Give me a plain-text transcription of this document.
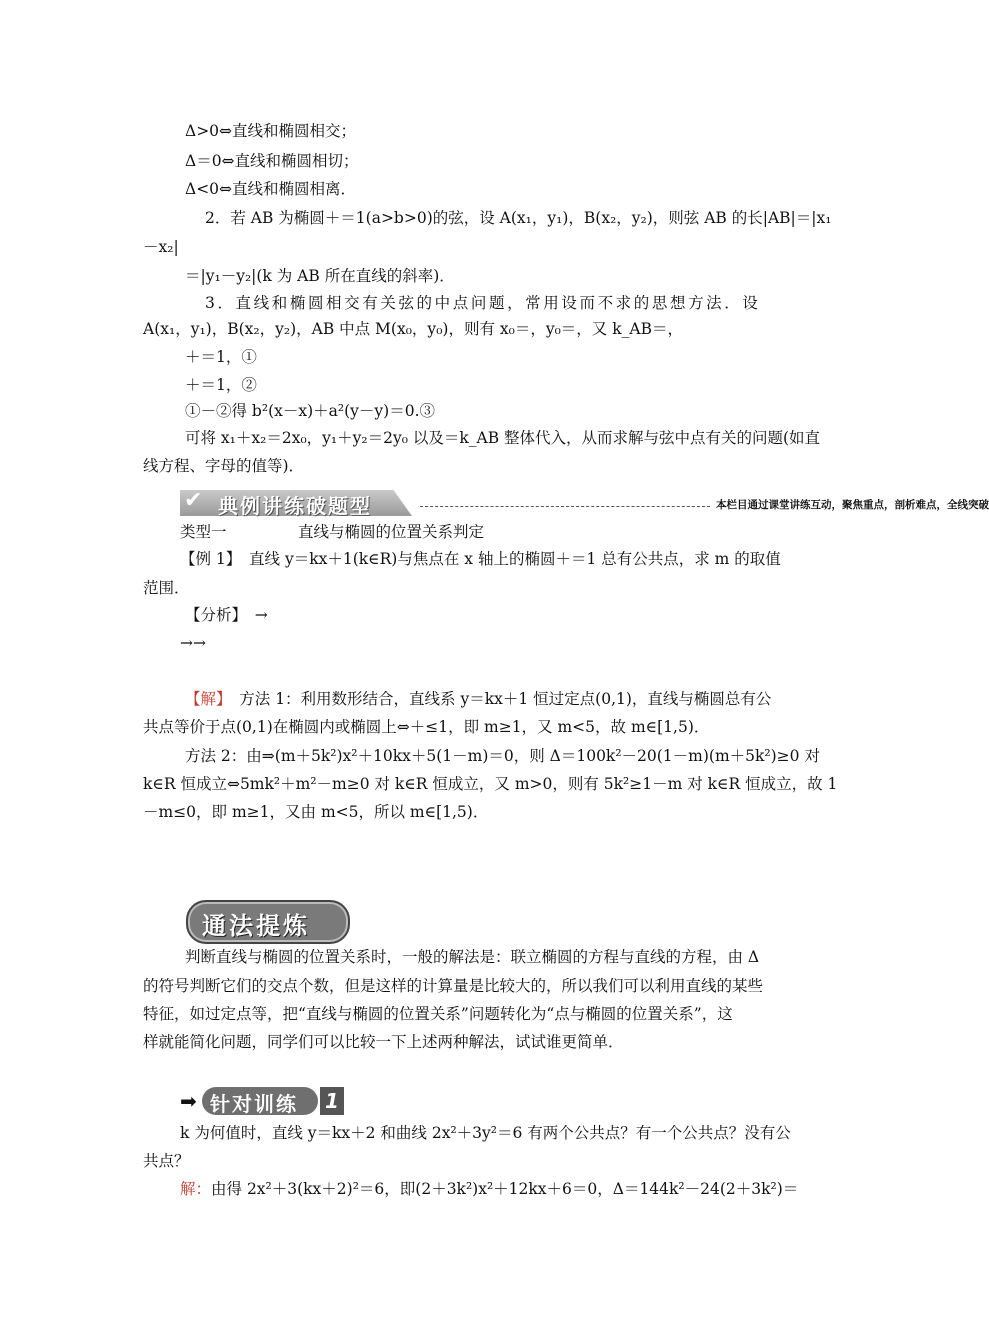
Δ>0⇔直线和椭圆相交；
Δ＝0⇔直线和椭圆相切；
Δ<0⇔直线和椭圆相离．
2．若 AB 为椭圆＋＝1(a>b>0)的弦，设 A(x₁，y₁)，B(x₂，y₂)，则弦 AB 的长|AB|＝|x₁
－x₂|
＝|y₁－y₂|(k 为 AB 所在直线的斜率)．
3．直线和椭圆相交有关弦的中点问题，常用设而不求的思想方法．设
A(x₁，y₁)，B(x₂，y₂)，AB 中点 M(x₀，y₀)，则有 x₀＝，y₀＝，又 k_AB＝，
＋＝1，①
＋＝1，②
①－②得 b²(x－x)＋a²(y－y)＝0.③
可将 x₁＋x₂＝2x₀，y₁＋y₂＝2y₀ 以及＝k_AB 整体代入，从而求解与弦中点有关的问题(如直
线方程、字母的值等)．
✔ 典例讲练破题型	本栏目通过课堂讲练互动，聚焦重点，剖析难点，全线突破
类型一	直线与椭圆的位置关系判定
【例 1】　直线 y＝kx＋1(k∈R)与焦点在 x 轴上的椭圆＋＝1 总有公共点，求 m 的取值
范围．
【分析】　→
→→
【解】　方法 1：利用数形结合，直线系 y＝kx＋1 恒过定点(0,1)，直线与椭圆总有公
共点等价于点(0,1)在椭圆内或椭圆上⇔＋≤1，即 m≥1，又 m<5，故 m∈[1,5)．
方法 2：由⇒(m＋5k²)x²＋10kx＋5(1－m)＝0，则 Δ＝100k²－20(1－m)(m＋5k²)≥0 对
k∈R 恒成立⇔5mk²＋m²－m≥0 对 k∈R 恒成立，又 m>0，则有 5k²≥1－m 对 k∈R 恒成立，故 1
－m≤0，即 m≥1，又由 m<5，所以 m∈[1,5)．
通法提炼
判断直线与椭圆的位置关系时，一般的解法是：联立椭圆的方程与直线的方程，由 Δ
的符号判断它们的交点个数，但是这样的计算量是比较大的，所以我们可以利用直线的某些
特征，如过定点等，把“直线与椭圆的位置关系”问题转化为“点与椭圆的位置关系”，这
样就能简化问题，同学们可以比较一下上述两种解法，试试谁更简单．
➡ 针对训练 1
k 为何值时，直线 y＝kx＋2 和曲线 2x²＋3y²＝6 有两个公共点？有一个公共点？没有公
共点？
解：由得 2x²＋3(kx＋2)²＝6，即(2＋3k²)x²＋12kx＋6＝0，Δ＝144k²－24(2＋3k²)＝
